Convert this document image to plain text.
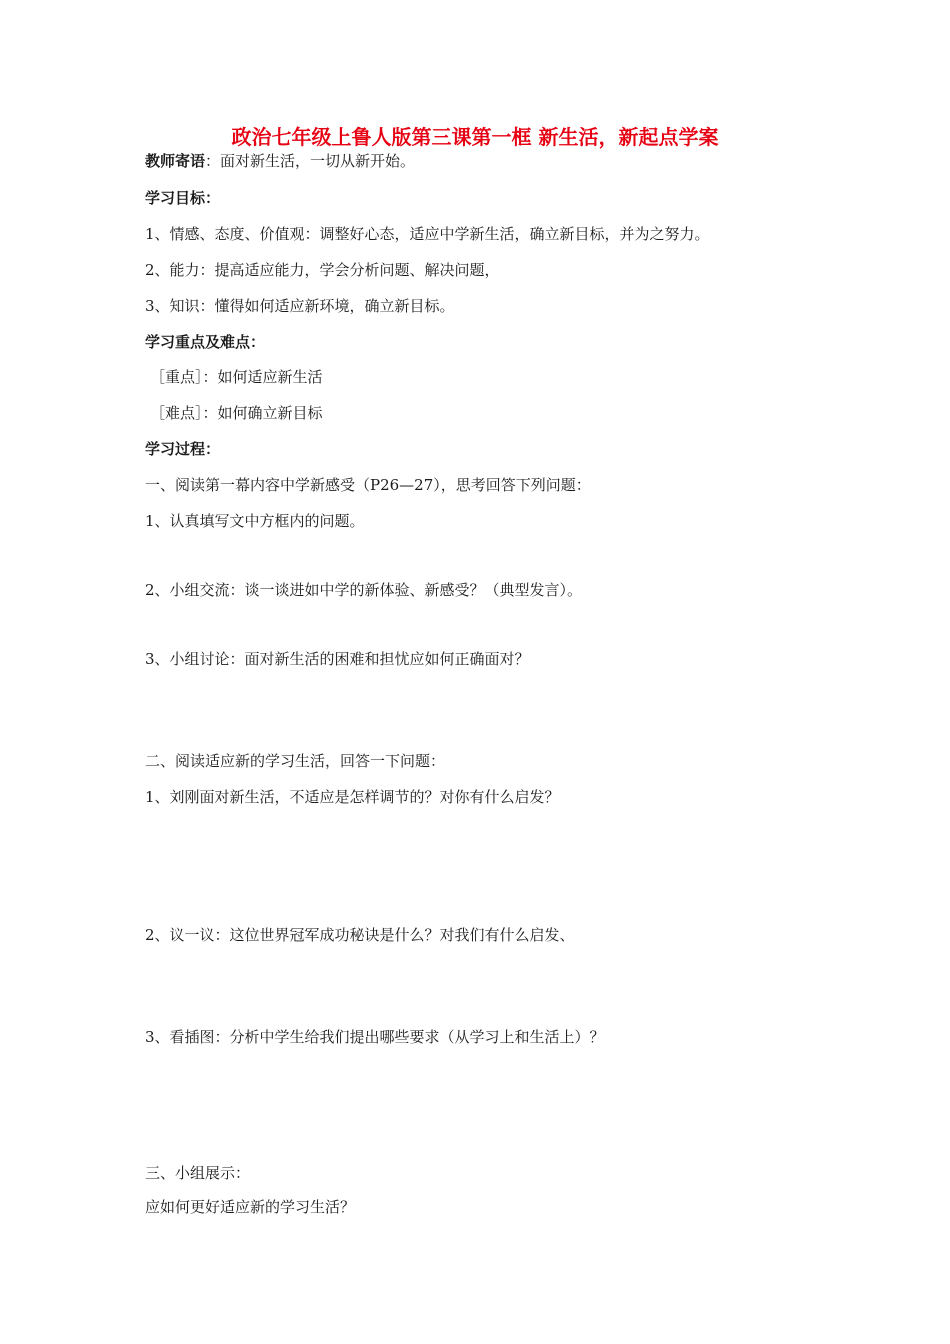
政治七年级上鲁人版第三课第一框 新生活，新起点学案
教师寄语：面对新生活，一切从新开始。
学习目标：
1、情感、态度、价值观：调整好心态，适应中学新生活，确立新目标，并为之努力。
2、能力：提高适应能力，学会分析问题、解决问题，
3、知识：懂得如何适应新环境，确立新目标。
学习重点及难点：
［重点］：如何适应新生活
［难点］：如何确立新目标
学习过程：
一、阅读第一幕内容中学新感受（P26—27），思考回答下列问题：
1、认真填写文中方框内的问题。
2、小组交流：谈一谈进如中学的新体验、新感受？（典型发言）。
3、小组讨论：面对新生活的困难和担忧应如何正确面对？
二、阅读适应新的学习生活，回答一下问题：
1、刘刚面对新生活，不适应是怎样调节的？对你有什么启发？
2、议一议：这位世界冠军成功秘诀是什么？对我们有什么启发、
3、看插图：分析中学生给我们提出哪些要求（从学习上和生活上）？
三、小组展示：
应如何更好适应新的学习生活？
